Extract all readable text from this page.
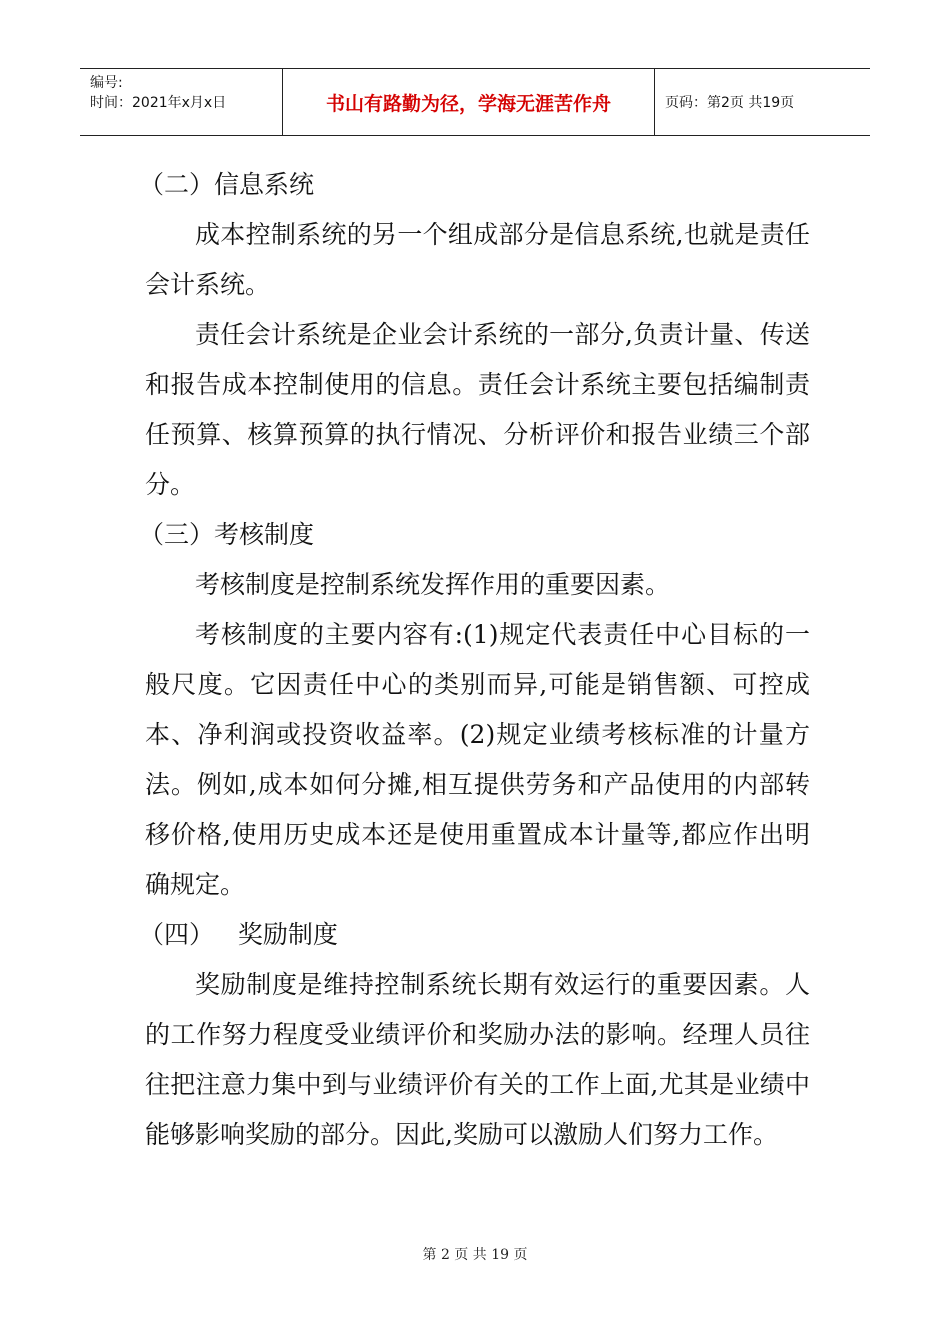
编号:
时间：2021年x月x日	书山有路勤为径，学海无涯苦作舟	页码：第2页 共19页

（二）信息系统

成本控制系统的另一个组成部分是信息系统,也就是责任会计系统。

责任会计系统是企业会计系统的一部分,负责计量、传送和报告成本控制使用的信息。责任会计系统主要包括编制责任预算、核算预算的执行情况、分析评价和报告业绩三个部分。

（三）考核制度

考核制度是控制系统发挥作用的重要因素。

考核制度的主要内容有:(1)规定代表责任中心目标的一般尺度。它因责任中心的类别而异,可能是销售额、可控成本、净利润或投资收益率。(2)规定业绩考核标准的计量方法。例如,成本如何分摊,相互提供劳务和产品使用的内部转移价格,使用历史成本还是使用重置成本计量等,都应作出明确规定。

（四）   奖励制度

奖励制度是维持控制系统长期有效运行的重要因素。人的工作努力程度受业绩评价和奖励办法的影响。经理人员往往把注意力集中到与业绩评价有关的工作上面,尤其是业绩中能够影响奖励的部分。因此,奖励可以激励人们努力工作。

第 2 页 共 19 页
